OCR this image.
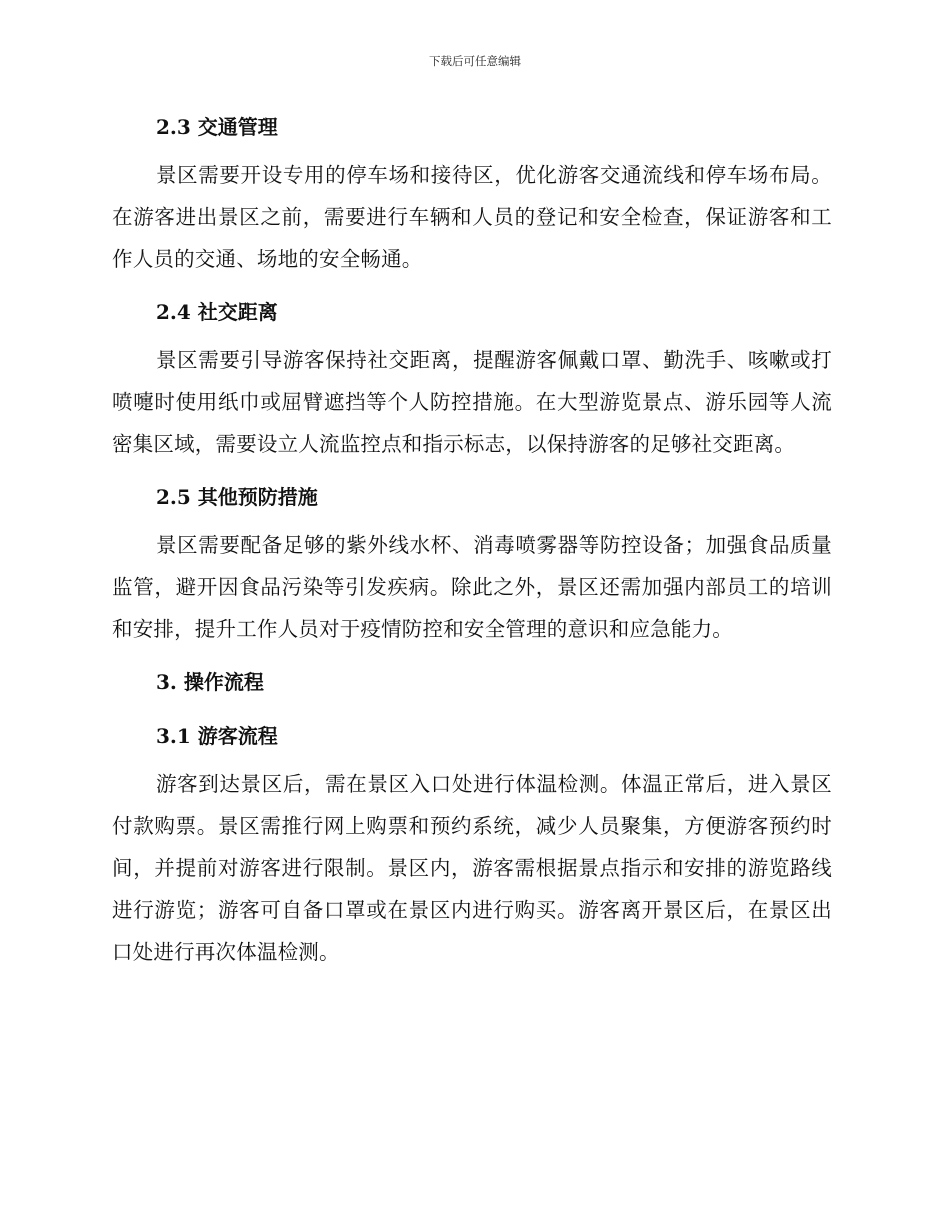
下载后可任意编辑
2.3 交通管理

景区需要开设专用的停车场和接待区，优化游客交通流线和停车场布局。在游客进出景区之前，需要进行车辆和人员的登记和安全检查，保证游客和工作人员的交通、场地的安全畅通。

2.4 社交距离

景区需要引导游客保持社交距离，提醒游客佩戴口罩、勤洗手、咳嗽或打喷嚏时使用纸巾或屈臂遮挡等个人防控措施。在大型游览景点、游乐园等人流密集区域，需要设立人流监控点和指示标志，以保持游客的足够社交距离。

2.5 其他预防措施

景区需要配备足够的紫外线水杯、消毒喷雾器等防控设备；加强食品质量监管，避开因食品污染等引发疾病。除此之外，景区还需加强内部员工的培训和安排，提升工作人员对于疫情防控和安全管理的意识和应急能力。

3. 操作流程
3.1 游客流程

游客到达景区后，需在景区入口处进行体温检测。体温正常后，进入景区付款购票。景区需推行网上购票和预约系统，减少人员聚集，方便游客预约时间，并提前对游客进行限制。景区内，游客需根据景点指示和安排的游览路线进行游览；游客可自备口罩或在景区内进行购买。游客离开景区后，在景区出口处进行再次体温检测。
